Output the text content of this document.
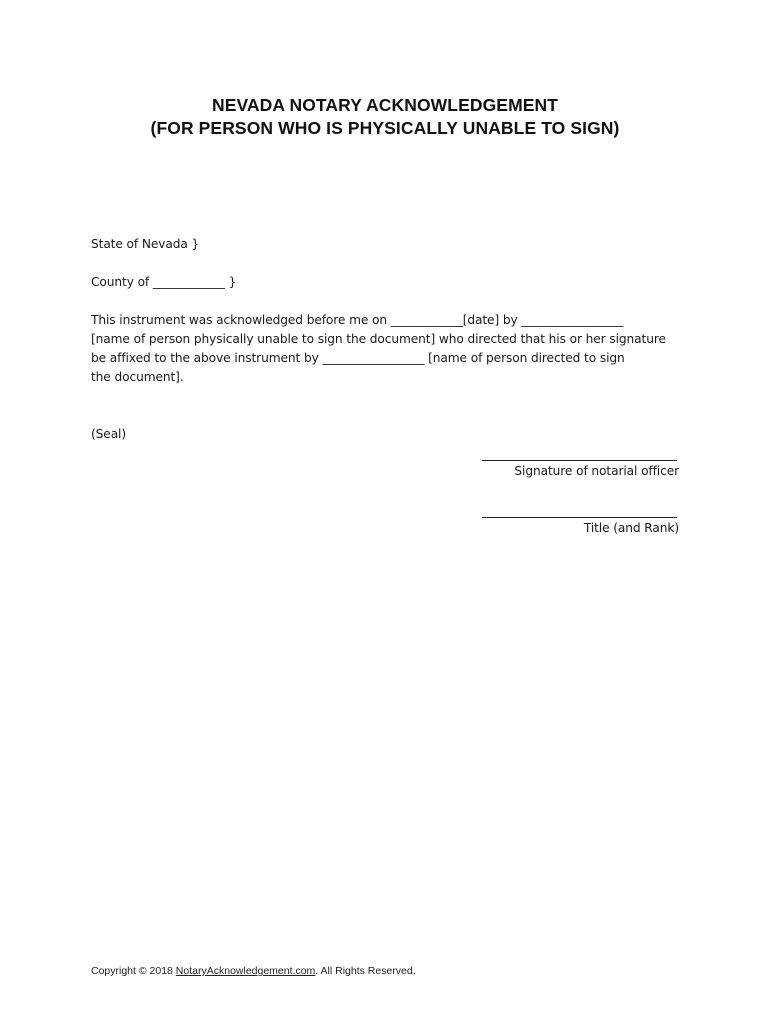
NEVADA NOTARY ACKNOWLEDGEMENT
(FOR PERSON WHO IS PHYSICALLY UNABLE TO SIGN)
State of Nevada }
County of ____________ }
This instrument was acknowledged before me on ____________[date] by _________________
[name of person physically unable to sign the document] who directed that his or her signature
be affixed to the above instrument by _________________ [name of person directed to sign
the document].
(Seal)
Signature of notarial officer
Title (and Rank)
Copyright © 2018 NotaryAcknowledgement.com. All Rights Reserved.
